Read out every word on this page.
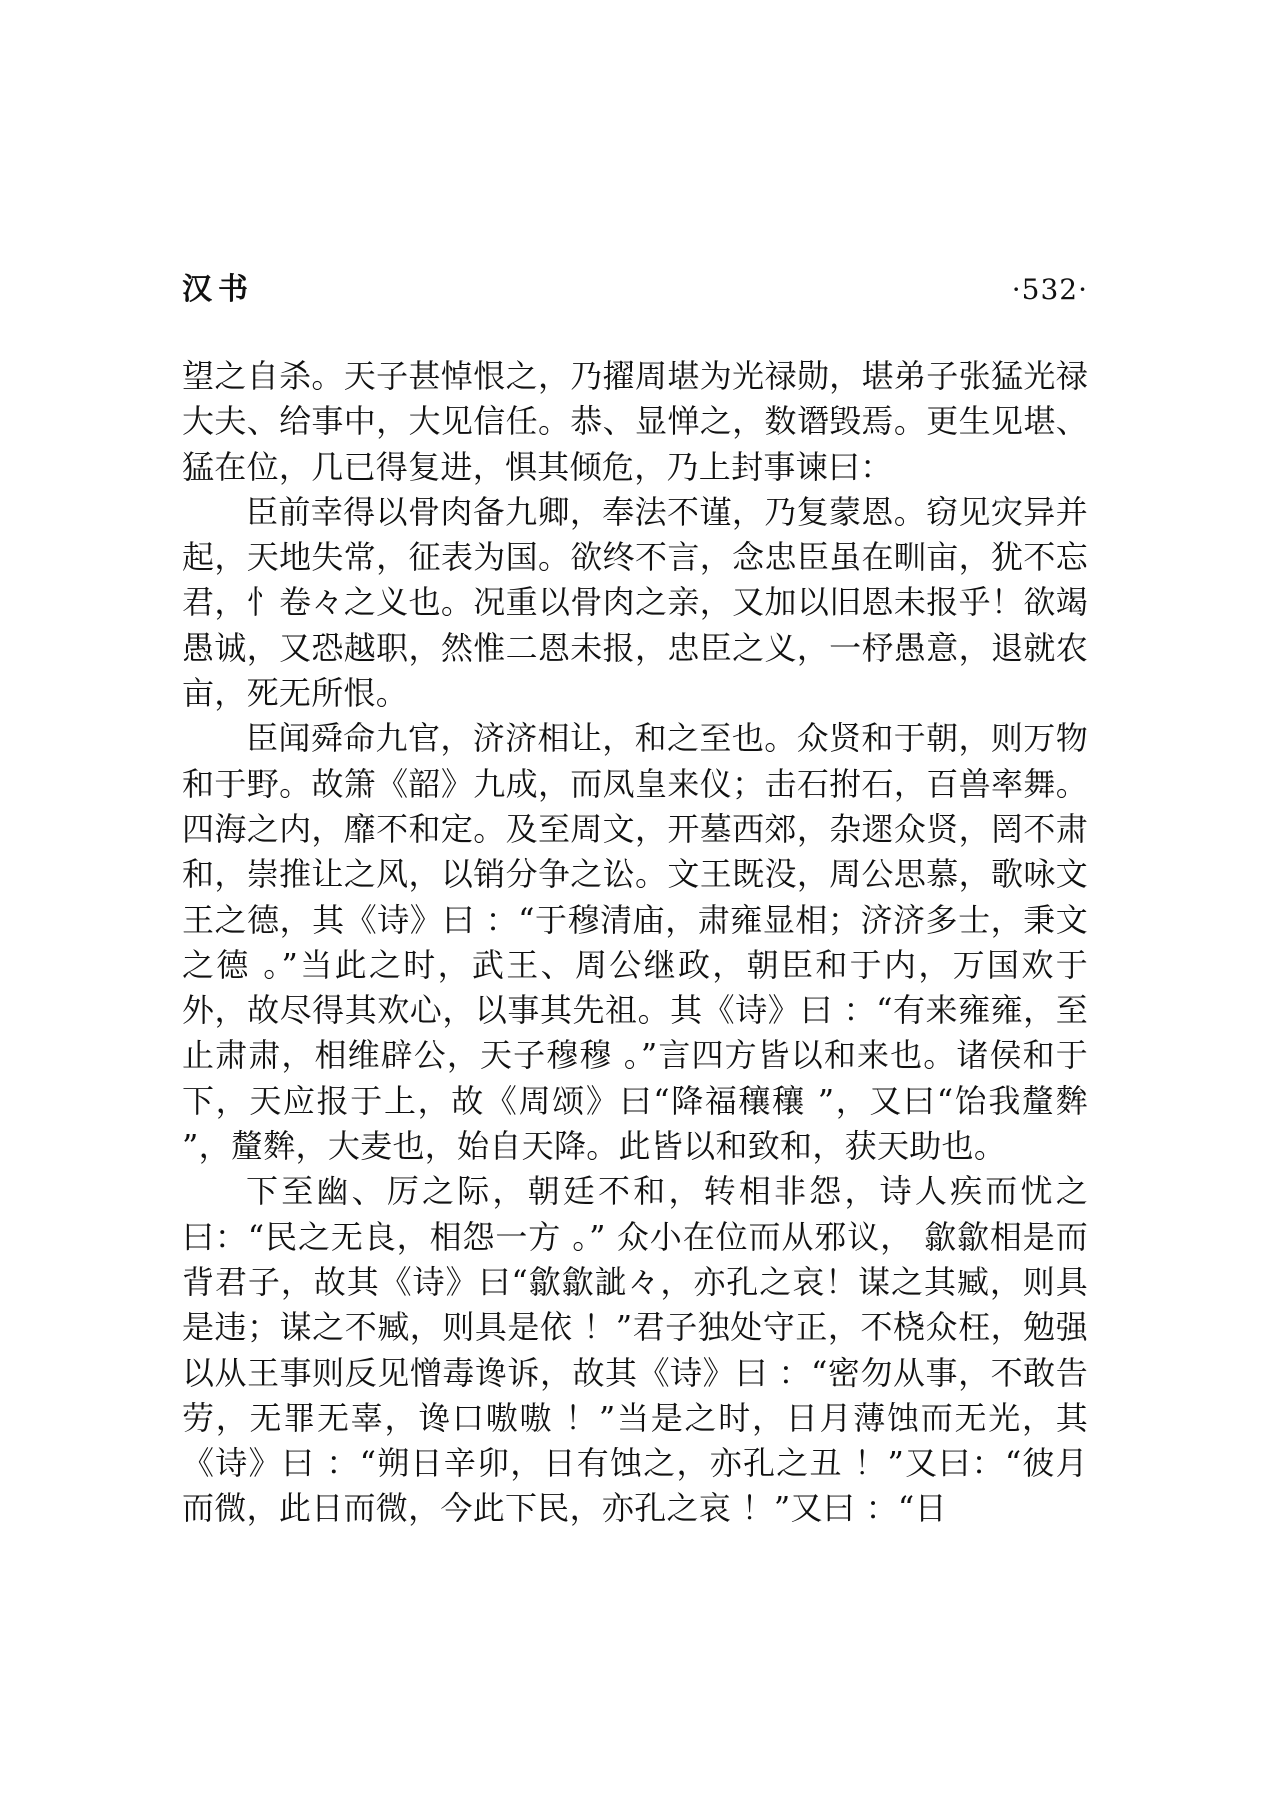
汉书	·532·

望之自杀。天子甚悼恨之，乃擢周堪为光禄勋，堪弟子张猛光禄大夫、给事中，大见信任。恭、显惮之，数谮毁焉。更生见堪、猛在位，几已得复进，惧其倾危，乃上封事谏曰：

臣前幸得以骨肉备九卿，奉法不谨，乃复蒙恩。窃见灾异并起，天地失常，征表为国。欲终不言，念忠臣虽在甽亩，犹不忘君，忄卷々之义也。况重以骨肉之亲，又加以旧恩未报乎！欲竭愚诚，又恐越职，然惟二恩未报，忠臣之义，一杼愚意，退就农亩，死无所恨。

臣闻舜命九官，济济相让，和之至也。众贤和于朝，则万物和于野。故箫《韶》九成，而凤皇来仪；击石拊石，百兽率舞。四海之内，靡不和定。及至周文，开墓西郊，杂遝众贤，罔不肃和，崇推让之风，以销分争之讼。文王既没，周公思慕，歌咏文王之德，其《诗》曰 ：“于穆清庙，肃雍显相；济济多士，秉文之德 。”当此之时，武王、周公继政，朝臣和于内，万国欢于外，故尽得其欢心，以事其先祖。其《诗》曰 ：“有来雍雍，至止肃肃，相维辟公，天子穆穆 。”言四方皆以和来也。诸侯和于下，天应报于上，故《周颂》曰“降福穰穰 ”，又曰“饴我釐麰 ”，釐麰，大麦也，始自天降。此皆以和致和，获天助也。

下至幽、厉之际，朝廷不和，转相非怨，诗人疾而忧之曰：“民之无良，相怨一方 。” 众小在位而从邪议， 歙歙相是而背君子，故其《诗》曰“歙歙訿々，亦孔之哀！谋之其臧，则具是违；谋之不臧，则具是依 ！”君子独处守正，不桡众枉，勉强以从王事则反见憎毒谗诉，故其《诗》曰 ：“密勿从事，不敢告劳，无罪无辜，谗口嗷嗷 ！”当是之时，日月薄蚀而无光，其《诗》曰 ：“朔日辛卯，日有蚀之，亦孔之丑 ！”又曰：“彼月而微，此日而微，今此下民，亦孔之哀 ！”又曰 ：“日
